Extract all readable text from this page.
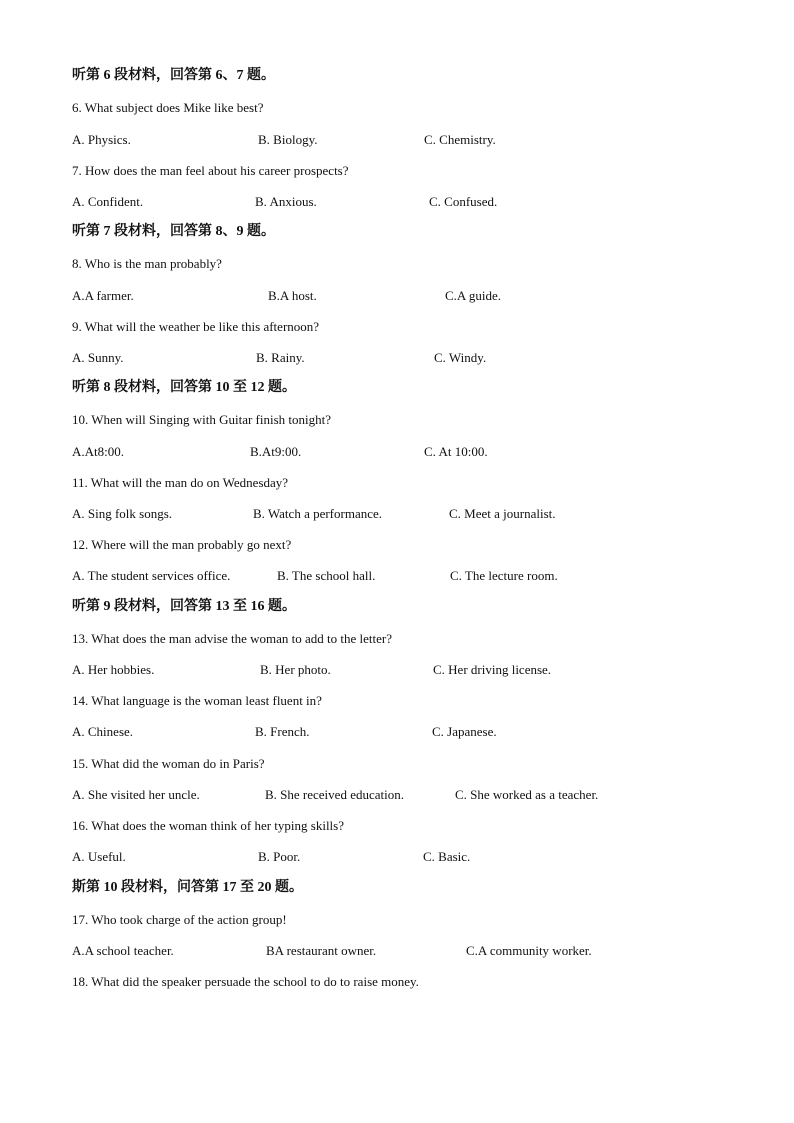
听第 6 段材料，回答第 6、7 题。
6. What subject does Mike like best?
A. Physics.	B. Biology.	C. Chemistry.
7. How does the man feel about his career prospects?
A. Confident.	B. Anxious.	C. Confused.
听第 7 段材料，回答第 8、9 题。
8. Who is the man probably?
A.A farmer.	B.A host.	C.A guide.
9. What will the weather be like this afternoon?
A. Sunny.	B. Rainy.	C. Windy.
听第 8 段材料，回答第 10 至 12 题。
10. When will Singing with Guitar finish tonight?
A.At8:00.	B.At9:00.	C. At 10:00.
11. What will the man do on Wednesday?
A. Sing folk songs.	B. Watch a performance.	C. Meet a journalist.
12. Where will the man probably go next?
A. The student services office.	B. The school hall.	C. The lecture room.
听第 9 段材料，回答第 13 至 16 题。
13. What does the man advise the woman to add to the letter?
A. Her hobbies.	B. Her photo.	C. Her driving license.
14. What language is the woman least fluent in?
A. Chinese.	B. French.	C. Japanese.
15. What did the woman do in Paris?
A. She visited her uncle.	B. She received education.	C. She worked as a teacher.
16. What does the woman think of her typing skills?
A. Useful.	B. Poor.	C. Basic.
斯第 10 段材料，问答第 17 至 20 题。
17. Who took charge of the action group!
A.A school teacher.	BA restaurant owner.	C.A community worker.
18. What did the speaker persuade the school to do to raise money.
